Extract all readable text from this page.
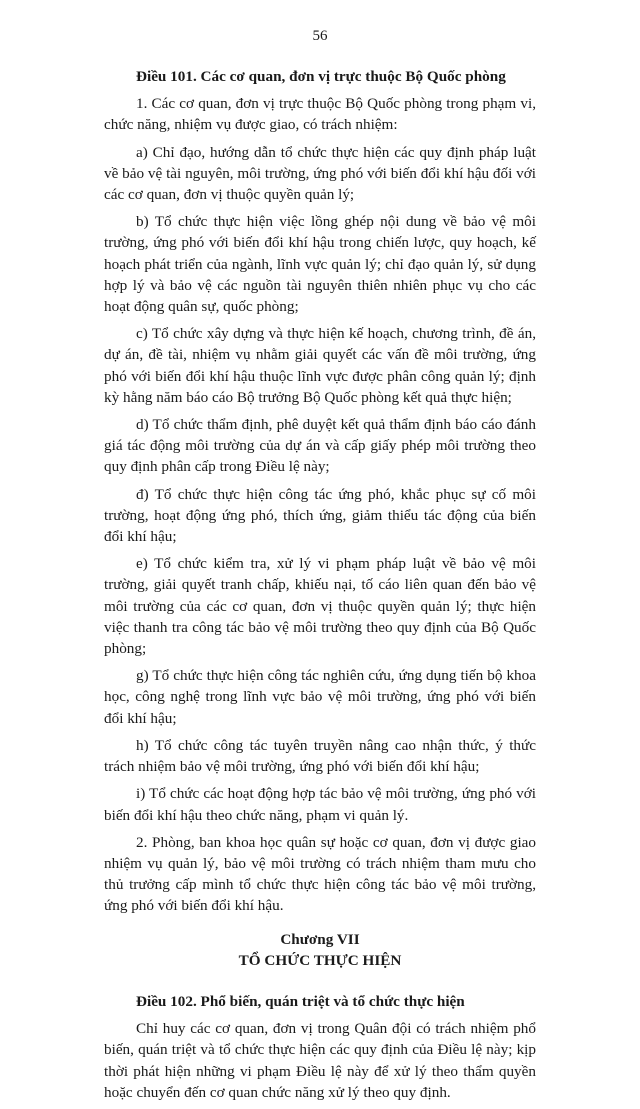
56

Điều 101. Các cơ quan, đơn vị trực thuộc Bộ Quốc phòng

1. Các cơ quan, đơn vị trực thuộc Bộ Quốc phòng trong phạm vi, chức năng, nhiệm vụ được giao, có trách nhiệm:

a) Chỉ đạo, hướng dẫn tổ chức thực hiện các quy định pháp luật về bảo vệ tài nguyên, môi trường, ứng phó với biến đổi khí hậu đối với các cơ quan, đơn vị thuộc quyền quản lý;

b) Tổ chức thực hiện việc lồng ghép nội dung về bảo vệ môi trường, ứng phó với biến đổi khí hậu trong chiến lược, quy hoạch, kế hoạch phát triển của ngành, lĩnh vực quản lý; chỉ đạo quản lý, sử dụng hợp lý và bảo vệ các nguồn tài nguyên thiên nhiên phục vụ cho các hoạt động quân sự, quốc phòng;

c) Tổ chức xây dựng và thực hiện kế hoạch, chương trình, đề án, dự án, đề tài, nhiệm vụ nhằm giải quyết các vấn đề môi trường, ứng phó với biến đổi khí hậu thuộc lĩnh vực được phân công quản lý; định kỳ hằng năm báo cáo Bộ trưởng Bộ Quốc phòng kết quả thực hiện;

d) Tổ chức thẩm định, phê duyệt kết quả thẩm định báo cáo đánh giá tác động môi trường của dự án và cấp giấy phép môi trường theo quy định phân cấp trong Điều lệ này;

đ) Tổ chức thực hiện công tác ứng phó, khắc phục sự cố môi trường, hoạt động ứng phó, thích ứng, giảm thiểu tác động của biến đổi khí hậu;

e) Tổ chức kiểm tra, xử lý vi phạm pháp luật về bảo vệ môi trường, giải quyết tranh chấp, khiếu nại, tố cáo liên quan đến bảo vệ môi trường của các cơ quan, đơn vị thuộc quyền quản lý; thực hiện việc thanh tra công tác bảo vệ môi trường theo quy định của Bộ Quốc phòng;

g) Tổ chức thực hiện công tác nghiên cứu, ứng dụng tiến bộ khoa học, công nghệ trong lĩnh vực bảo vệ môi trường, ứng phó với biến đổi khí hậu;

h) Tổ chức công tác tuyên truyền nâng cao nhận thức, ý thức trách nhiệm bảo vệ môi trường, ứng phó với biến đổi khí hậu;

i) Tổ chức các hoạt động hợp tác bảo vệ môi trường, ứng phó với biến đổi khí hậu theo chức năng, phạm vi quản lý.

2. Phòng, ban khoa học quân sự hoặc cơ quan, đơn vị được giao nhiệm vụ quản lý, bảo vệ môi trường có trách nhiệm tham mưu cho thủ trưởng cấp mình tổ chức thực hiện công tác bảo vệ môi trường, ứng phó với biến đổi khí hậu.

Chương VII
TỔ CHỨC THỰC HIỆN

Điều 102. Phổ biến, quán triệt và tổ chức thực hiện

Chỉ huy các cơ quan, đơn vị trong Quân đội có trách nhiệm phổ biến, quán triệt và tổ chức thực hiện các quy định của Điều lệ này; kịp thời phát hiện những vi phạm Điều lệ này để xử lý theo thẩm quyền hoặc chuyển đến cơ quan chức năng xử lý theo quy định.
